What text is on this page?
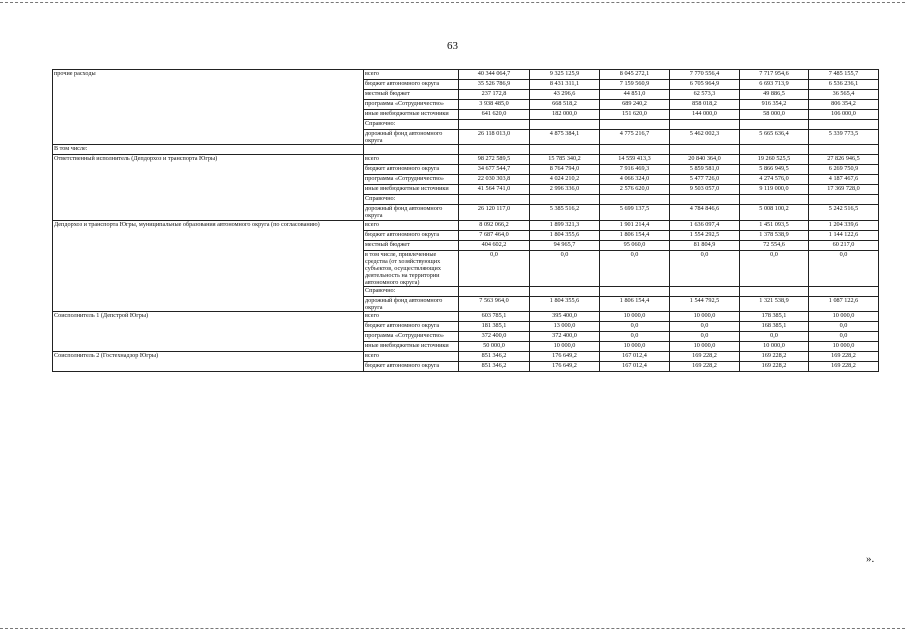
63
прочие расходы	всего	40 344 064,7	9 325 125,9	8 045 272,1	7 770 556,4	7 717 954,6	7 485 155,7
	бюджет автономного округа	35 526 786,9	8 431 311,1	7 159 560,9	6 705 964,9	6 693 713,9	6 536 236,1
	местный бюджет	237 172,8	43 296,6	44 851,0	62 573,3	49 886,5	36 565,4
	программа «Сотрудничество»	3 938 485,0	668 518,2	689 240,2	858 018,2	916 354,2	806 354,2
	иные внебюджетные источники	641 620,0	182 000,0	151 620,0	144 000,0	58 000,0	106 000,0
	Справочно:						
	дорожный фонд автономного округа	26 118 013,0	4 875 384,1	4 775 216,7	5 462 002,3	5 665 636,4	5 339 773,5
В том числе:							
Ответственный исполнитель (Депдорхоз и транспорта Югры)	всего	98 272 589,5	15 785 340,2	14 559 413,3	20 840 364,0	19 260 525,5	27 826 946,5
	бюджет автономного округа	34 677 544,7	8 764 794,0	7 916 469,3	5 859 581,0	5 866 949,5	6 269 750,9
	программа «Сотрудничество»	22 030 303,8	4 024 210,2	4 066 324,0	5 477 726,0	4 274 576,0	4 187 467,6
	иные внебюджетные источники	41 564 741,0	2 996 336,0	2 576 620,0	9 503 057,0	9 119 000,0	17 369 728,0
	Справочно:						
	дорожный фонд автономного округа	26 120 117,0	5 385 516,2	5 699 137,5	4 784 846,6	5 008 100,2	5 242 516,5
Депдорхоз и транспорта Югры, муниципальные образования автономного округа (по согласованию)	всего	8 092 066,2	1 899 321,3	1 901 214,4	1 636 097,4	1 451 093,5	1 204 339,6
	бюджет автономного округа	7 687 464,0	1 804 355,6	1 806 154,4	1 554 292,5	1 378 538,9	1 144 122,6
	местный бюджет	404 602,2	94 965,7	95 060,0	81 804,9	72 554,6	60 217,0
	в том числе, привлеченные средства (от хозяйствующих субъектов, осуществляющих деятельность на территории автономного округа)	0,0	0,0	0,0	0,0	0,0	0,0
	Справочно:						
	дорожный фонд автономного округа	7 563 964,0	1 804 355,6	1 806 154,4	1 544 792,5	1 321 538,9	1 087 122,6
Соисполнитель 1 (Депстрой Югры)	всего	603 785,1	395 400,0	10 000,0	10 000,0	178 385,1	10 000,0
	бюджет автономного округа	181 385,1	13 000,0	0,0	0,0	168 385,1	0,0
	программа «Сотрудничество»	372 400,0	372 400,0	0,0	0,0	0,0	0,0
	иные внебюджетные источники	50 000,0	10 000,0	10 000,0	10 000,0	10 000,0	10 000,0
Соисполнитель 2 (Гостехнадзор Югры)	всего	851 346,2	176 649,2	167 012,4	169 228,2	169 228,2	169 228,2
	бюджет автономного округа	851 346,2	176 649,2	167 012,4	169 228,2	169 228,2	169 228,2
».
